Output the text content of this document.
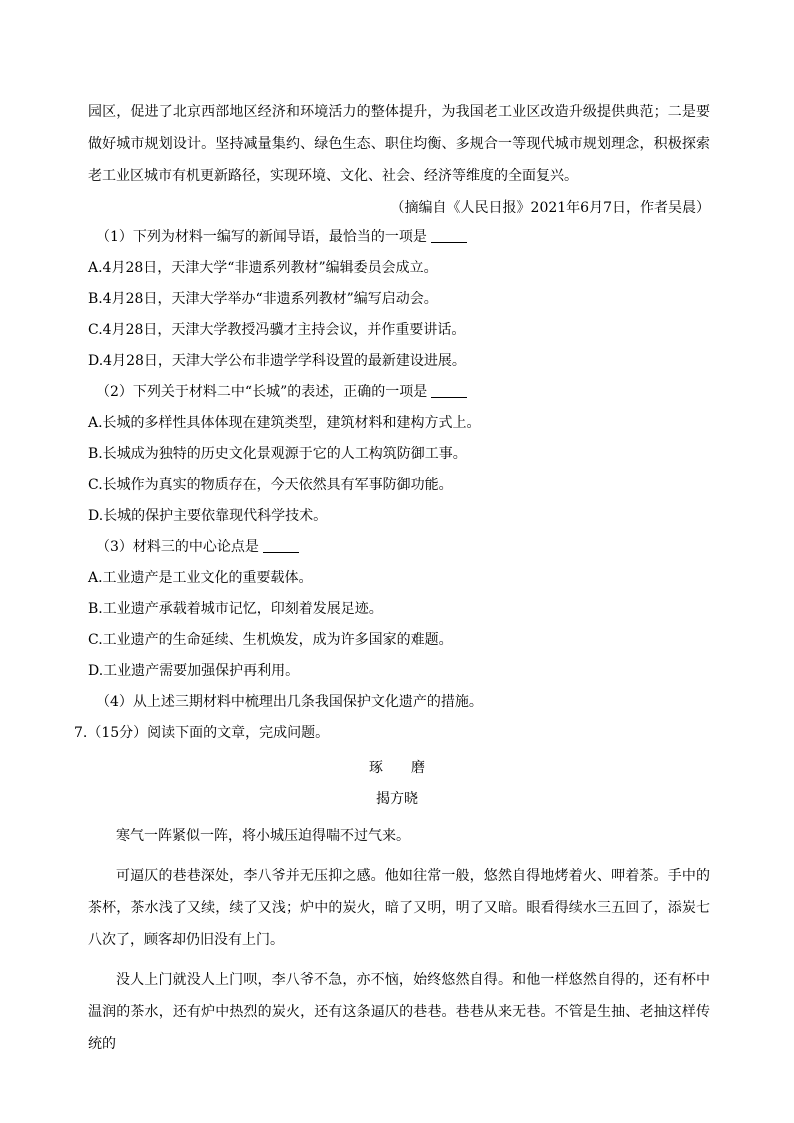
园区，促进了北京西部地区经济和环境活力的整体提升，为我国老工业区改造升级提供典范；二是要做好城市规划设计。坚持减量集约、绿色生态、职住均衡、多规合一等现代城市规划理念，积极探索老工业区城市有机更新路径，实现环境、文化、社会、经济等维度的全面复兴。
（摘编自《人民日报》2021年6月7日，作者吴晨）
（1）下列为材料一编写的新闻导语，最恰当的一项是
A.4月28日，天津大学“非遗系列教材”编辑委员会成立。
B.4月28日，天津大学举办“非遗系列教材”编写启动会。
C.4月28日，天津大学教授冯骥才主持会议，并作重要讲话。
D.4月28日，天津大学公布非遗学学科设置的最新建设进展。
（2）下列关于材料二中“长城”的表述，正确的一项是
A.长城的多样性具体体现在建筑类型，建筑材料和建构方式上。
B.长城成为独特的历史文化景观源于它的人工构筑防御工事。
C.长城作为真实的物质存在，今天依然具有军事防御功能。
D.长城的保护主要依靠现代科学技术。
（3）材料三的中心论点是
A.工业遗产是工业文化的重要载体。
B.工业遗产承载着城市记忆，印刻着发展足迹。
C.工业遗产的生命延续、生机焕发，成为许多国家的难题。
D.工业遗产需要加强保护再利用。
（4）从上述三期材料中梳理出几条我国保护文化遗产的措施。
7.（15分）阅读下面的文章，完成问题。
琢　　磨
揭方晓
寒气一阵紧似一阵，将小城压迫得喘不过气来。
可逼仄的巷巷深处，李八爷并无压抑之感。他如往常一般，悠然自得地烤着火、呷着茶。手中的茶杯，茶水浅了又续，续了又浅；炉中的炭火，暗了又明，明了又暗。眼看得续水三五回了，添炭七八次了，顾客却仍旧没有上门。
没人上门就没人上门呗，李八爷不急，亦不恼，始终悠然自得。和他一样悠然自得的，还有杯中温润的茶水，还有炉中热烈的炭火，还有这条逼仄的巷巷。巷巷从来无巷。不管是生抽、老抽这样传统的
